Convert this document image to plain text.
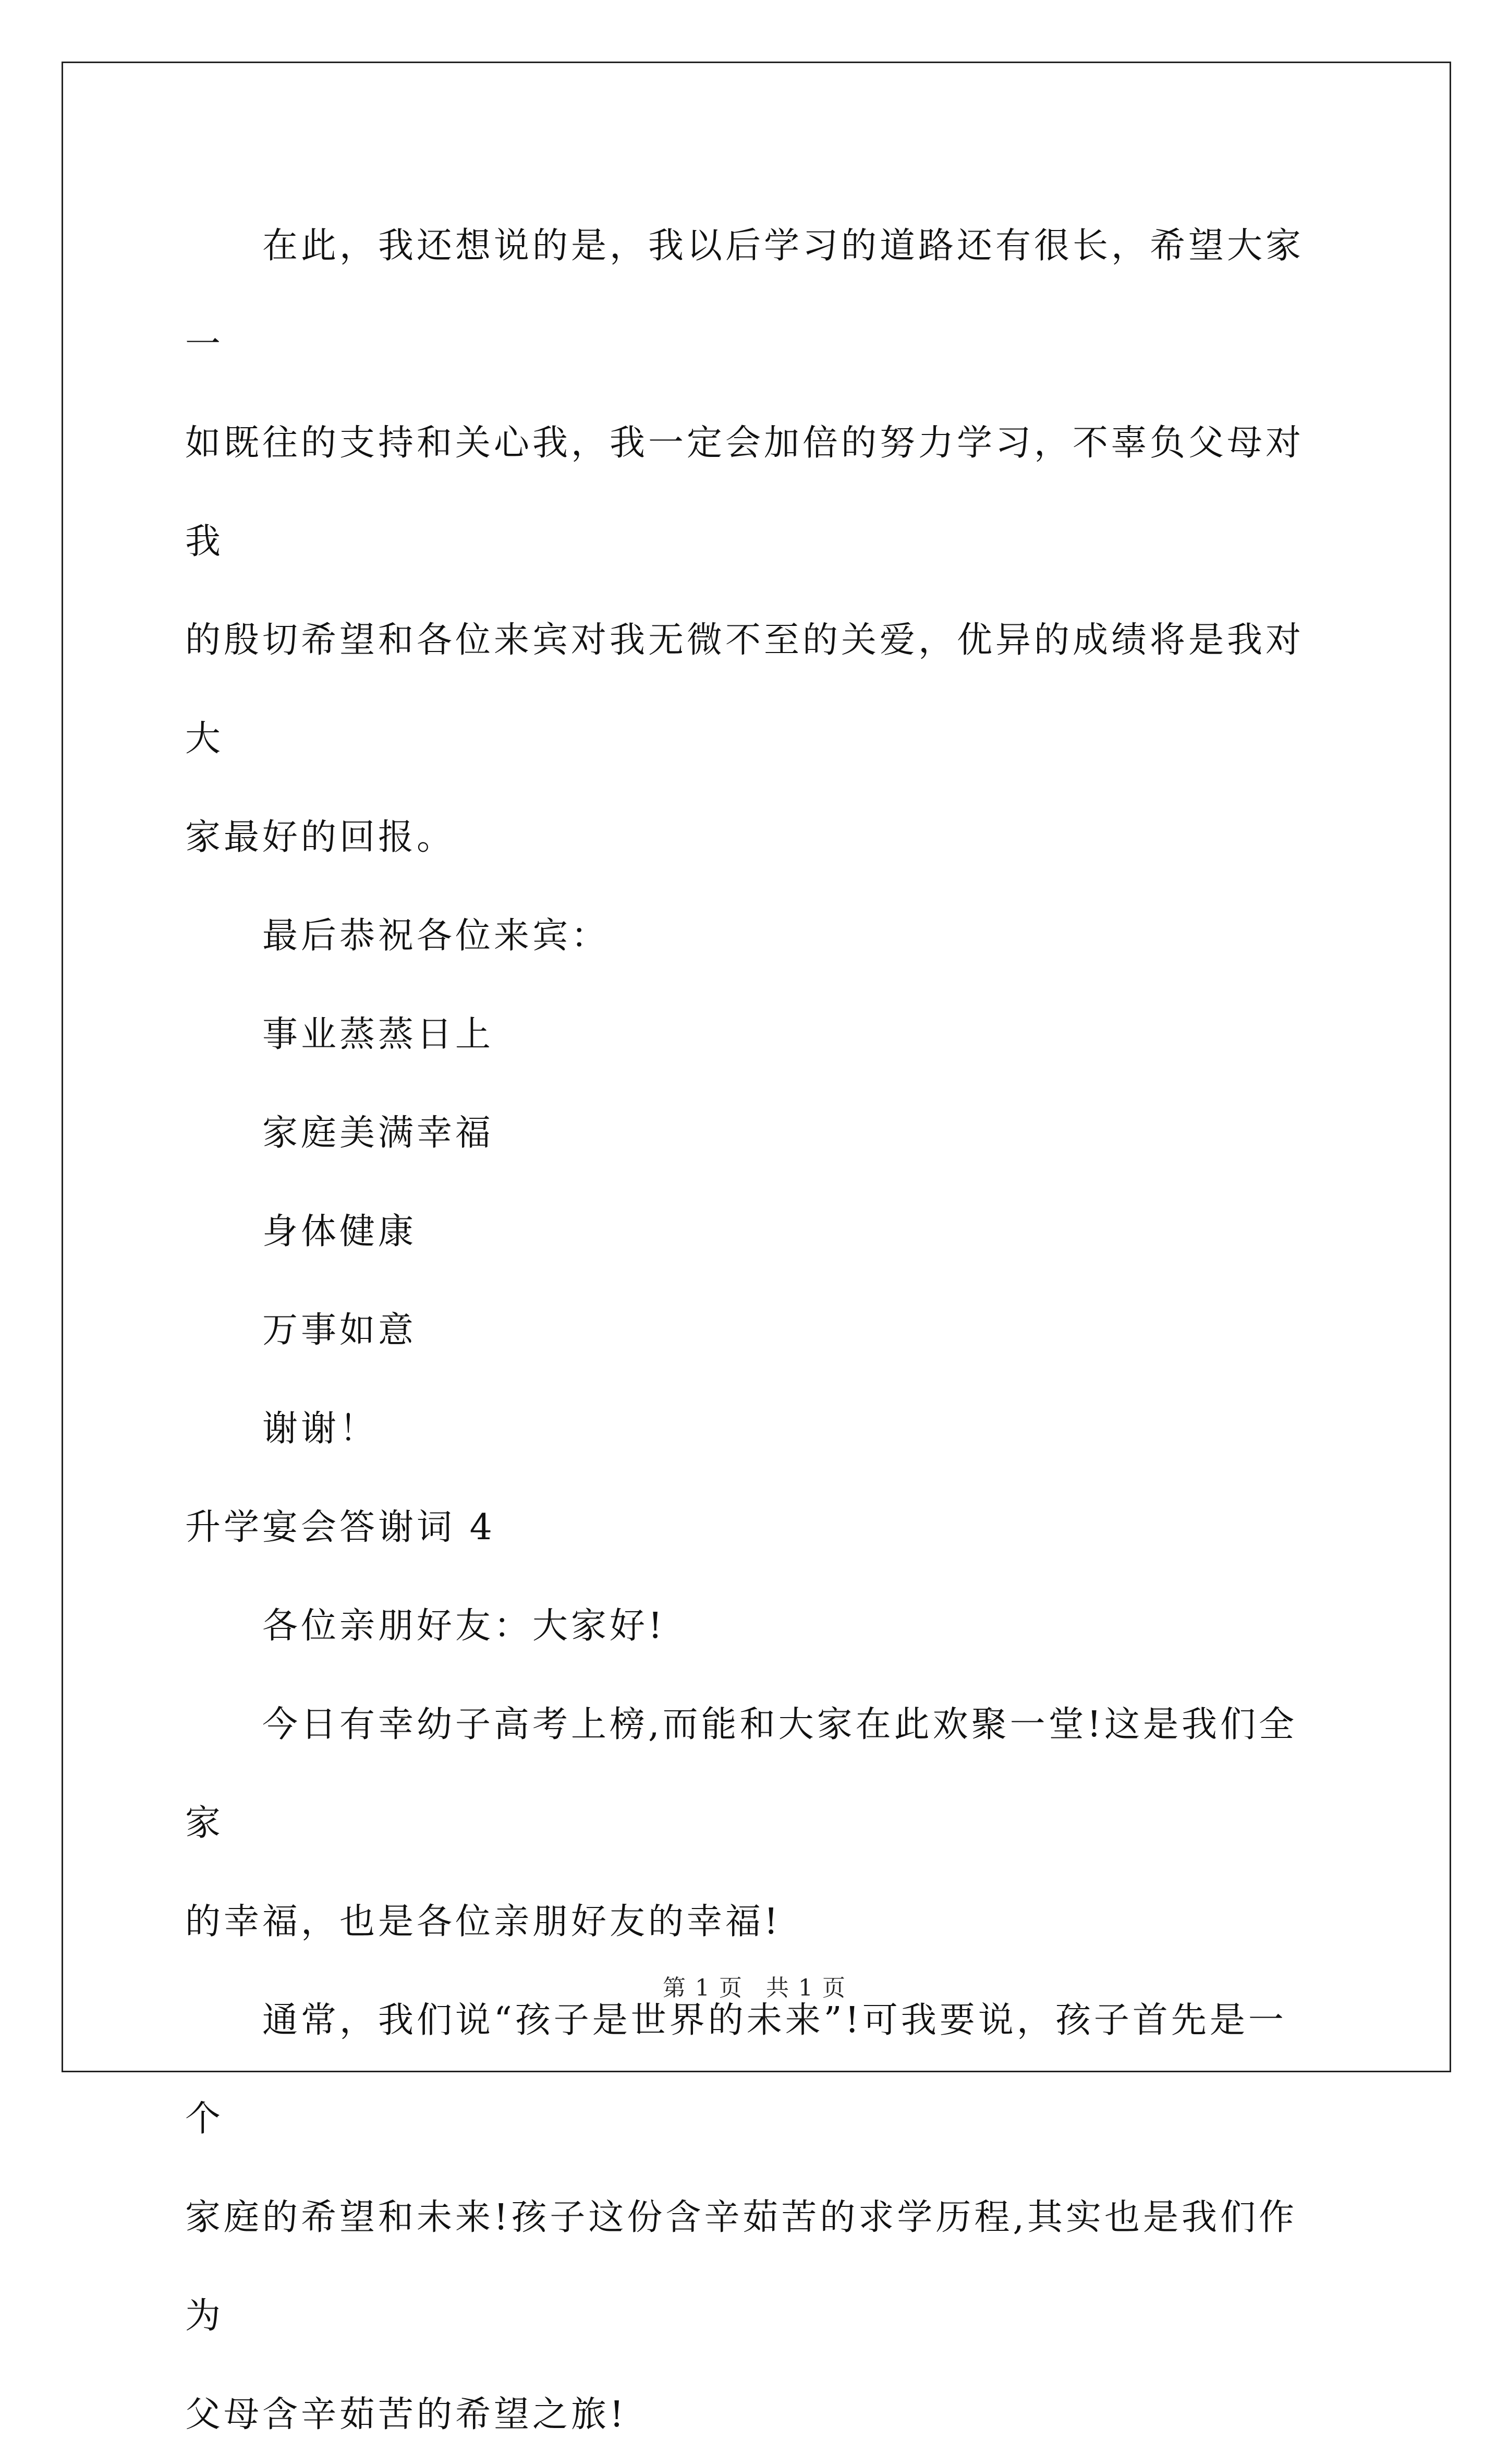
在此，我还想说的是，我以后学习的道路还有很长，希望大家一
如既往的支持和关心我，我一定会加倍的努力学习，不辜负父母对我
的殷切希望和各位来宾对我无微不至的关爱，优异的成绩将是我对大
家最好的回报。

最后恭祝各位来宾：

事业蒸蒸日上

家庭美满幸福

身体健康

万事如意

谢谢！

升学宴会答谢词 4

各位亲朋好友：大家好!

今日有幸幼子高考上榜,而能和大家在此欢聚一堂!这是我们全家
的幸福，也是各位亲朋好友的幸福!

通常，我们说“孩子是世界的未来”!可我要说，孩子首先是一个
家庭的希望和未来!孩子这份含辛茹苦的求学历程,其实也是我们作为
父母含辛茹苦的希望之旅!

第 1 页 共 1 页
